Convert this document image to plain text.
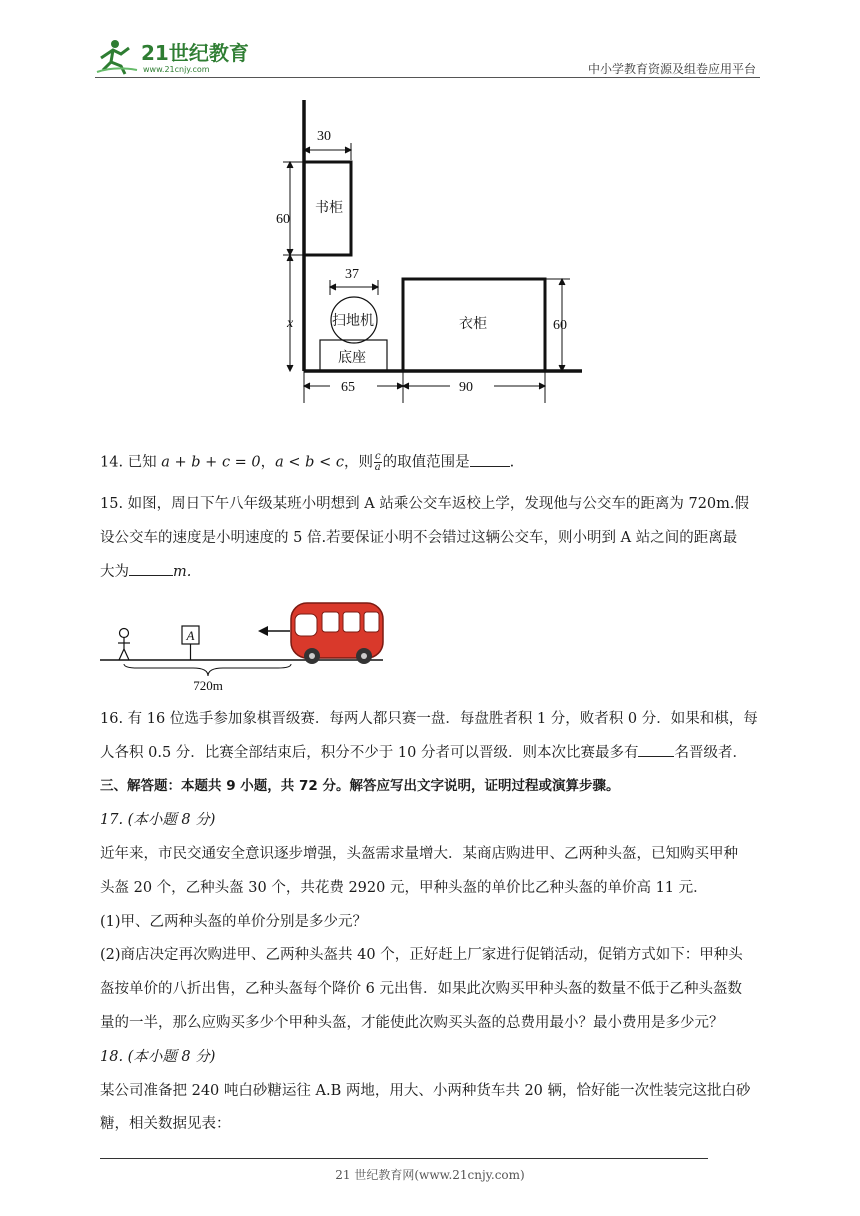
21世纪教育
www.21cnjy.com	中小学教育资源及组卷应用平台
书柜
扫地机
底座
衣柜
30
60
37
x	60
65	90
14. 已知 a + b + c = 0，a < b < c，则 $\frac{c}{a}$ 的取值范围是	.
15. 如图，周日下午八年级某班小明想到 A 站乘公交车返校上学，发现他与公交车的距离为 720m.假
设公交车的速度是小明速度的 5 倍.若要保证小明不会错过这辆公交车，则小明到 A 站之间的距离最
大为	m.
A
720m
16. 有 16 位选手参加象棋晋级赛．每两人都只赛一盘．每盘胜者积 1 分，败者积 0 分．如果和棋，每
人各积 0.5 分．比赛全部结束后，积分不少于 10 分者可以晋级．则本次比赛最多有 名晋级者．
三、解答题：本题共 9 小题，共 72 分。解答应写出文字说明，证明过程或演算步骤。
17. (本小题 8 分)
近年来，市民交通安全意识逐步增强，头盔需求量增大．某商店购进甲、乙两种头盔，已知购买甲种
头盔 20 个，乙种头盔 30 个，共花费 2920 元，甲种头盔的单价比乙种头盔的单价高 11 元．
(1)甲、乙两种头盔的单价分别是多少元？
(2)商店决定再次购进甲、乙两种头盔共 40 个，正好赶上厂家进行促销活动，促销方式如下：甲种头
盔按单价的八折出售，乙种头盔每个降价 6 元出售．如果此次购买甲种头盔的数量不低于乙种头盔数
量的一半，那么应购买多少个甲种头盔，才能使此次购买头盔的总费用最小？最小费用是多少元？
18. (本小题 8 分)
某公司准备把 240 吨白砂糖运往 A.B 两地，用大、小两种货车共 20 辆，恰好能一次性装完这批白砂
糖，相关数据见表：
21 世纪教育网(www.21cnjy.com)
